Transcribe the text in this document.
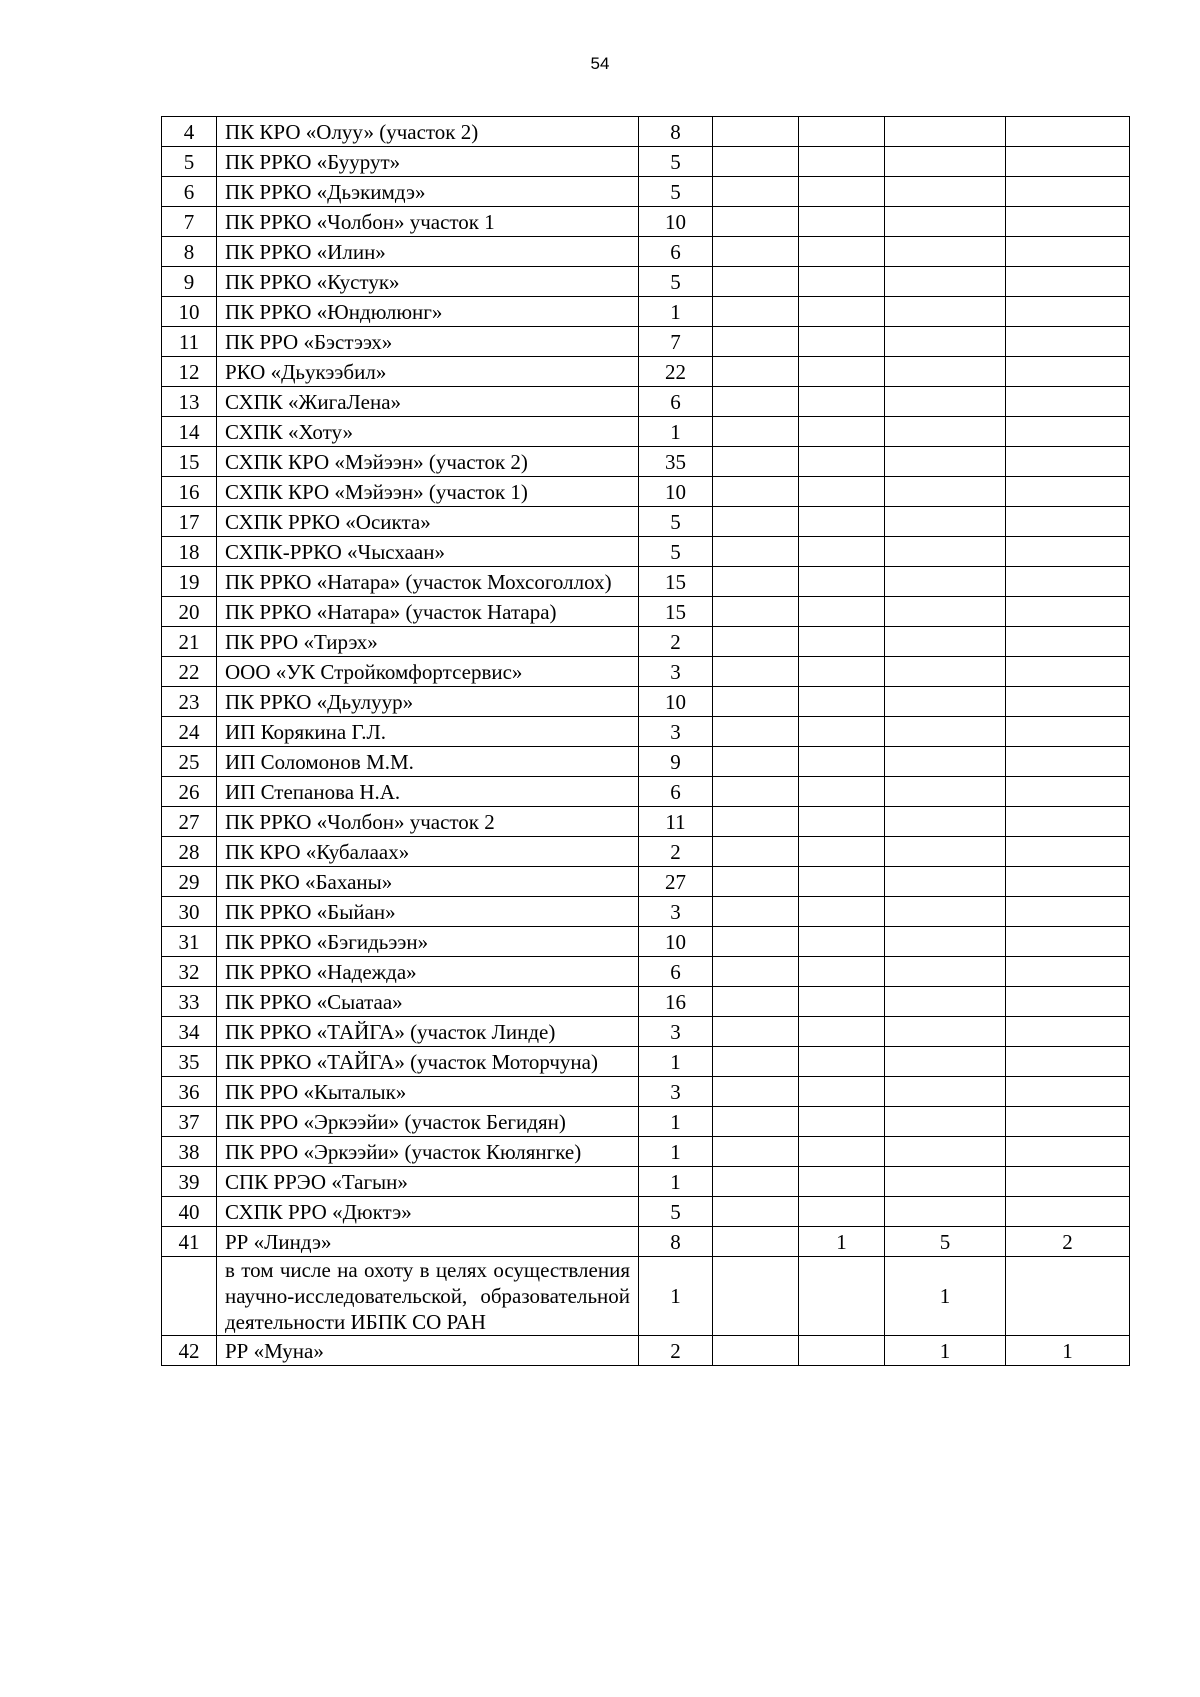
54
4	ПК КРО «Олуу» (участок 2)	8				
5	ПК РРКО «Буурут»	5				
6	ПК РРКО «Дьэкимдэ»	5				
7	ПК РРКО «Чолбон» участок 1	10				
8	ПК РРКО «Илин»	6				
9	ПК РРКО «Кустук»	5				
10	ПК РРКО «Юндюлюнг»	1				
11	ПК РРО «Бэстээх»	7				
12	РКО «Дьукээбил»	22				
13	СХПК «ЖигаЛена»	6				
14	СХПК «Хоту»	1				
15	СХПК КРО «Мэйээн» (участок 2)	35				
16	СХПК КРО «Мэйээн» (участок 1)	10				
17	СХПК РРКО «Осикта»	5				
18	СХПК-РРКО «Чысхаан»	5				
19	ПК РРКО «Натара» (участок Мохсоголлох)	15				
20	ПК РРКО «Натара» (участок Натара)	15				
21	ПК РРО «Тирэх»	2				
22	ООО «УК Стройкомфортсервис»	3				
23	ПК РРКО «Дьулуур»	10				
24	ИП Корякина Г.Л.	3				
25	ИП Соломонов М.М.	9				
26	ИП Степанова Н.А.	6				
27	ПК РРКО «Чолбон» участок 2	11				
28	ПК КРО «Кубалаах»	2				
29	ПК РКО «Баханы»	27				
30	ПК РРКО «Быйан»	3				
31	ПК РРКО «Бэгидьээн»	10				
32	ПК РРКО «Надежда»	6				
33	ПК РРКО «Сыатаа»	16				
34	ПК РРКО «ТАЙГА» (участок Линде)	3				
35	ПК РРКО «ТАЙГА» (участок Моторчуна)	1				
36	ПК РРО «Кыталык»	3				
37	ПК РРО «Эркээйи» (участок Бегидян)	1				
38	ПК РРО «Эркээйи» (участок Кюлянгке)	1				
39	СПК РРЭО «Тагын»	1				
40	СХПК РРО «Дюктэ»	5				
41	РР «Линдэ»	8		1	5	2
	в том числе на охоту в целях осуществления научно-исследовательской, образовательной деятельности ИБПК СО РАН	1			1	
42	РР «Муна»	2			1	1
